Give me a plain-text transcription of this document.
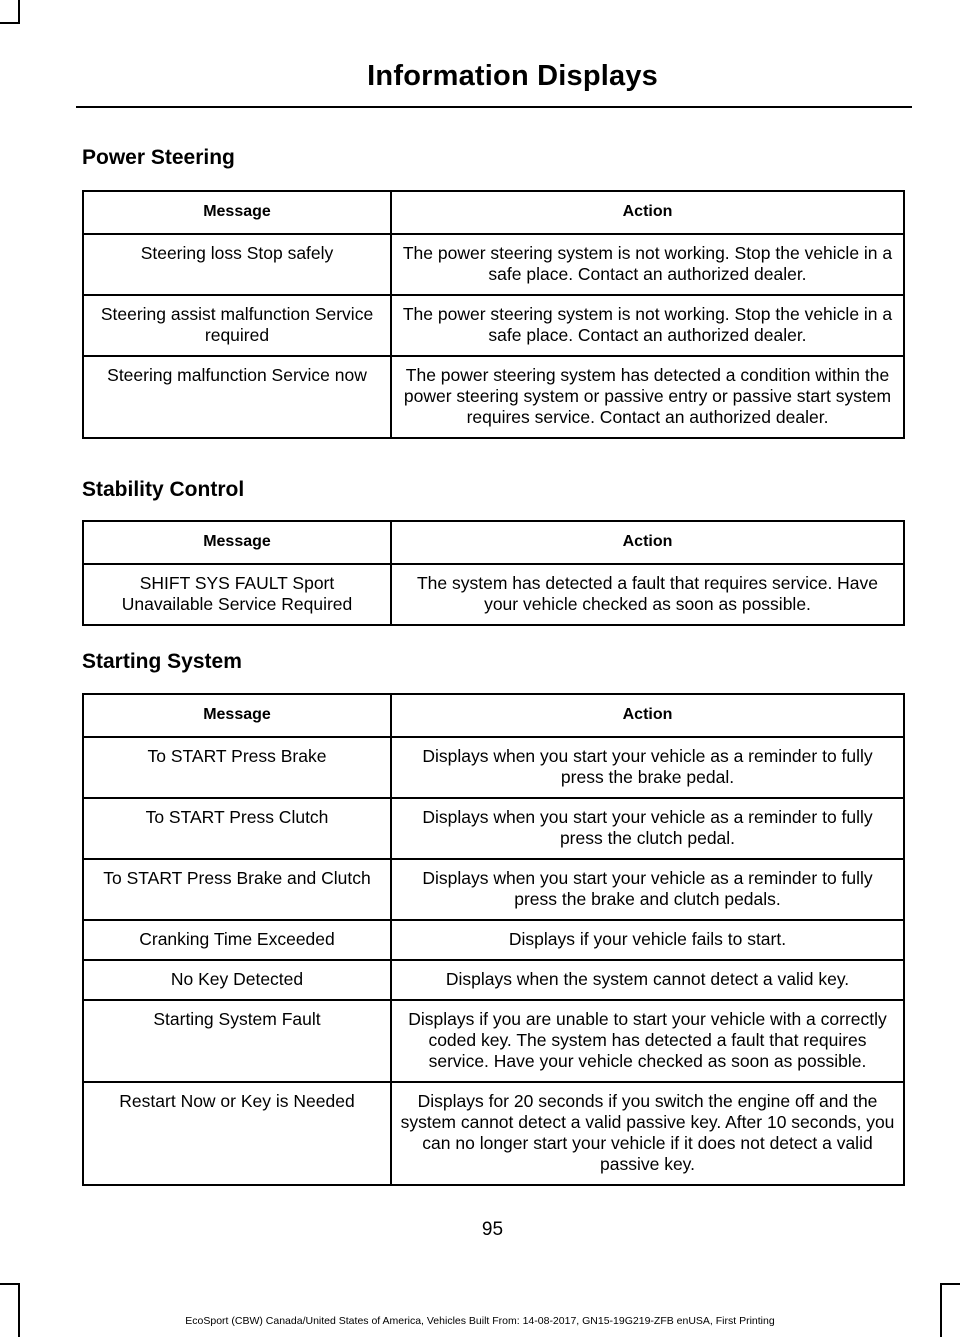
Information Displays
Power Steering
Message	Action
Steering loss Stop safely	The power steering system is not working. Stop the vehicle in a safe place. Contact an authorized dealer.
Steering assist malfunction Service required	The power steering system is not working. Stop the vehicle in a safe place. Contact an authorized dealer.
Steering malfunction Service now	The power steering system has detected a condition within the power steering system or passive entry or passive start system requires service. Contact an authorized dealer.
Stability Control
Message	Action
SHIFT SYS FAULT Sport Unavailable Service Required	The system has detected a fault that requires service. Have your vehicle checked as soon as possible.
Starting System
Message	Action
To START Press Brake	Displays when you start your vehicle as a reminder to fully press the brake pedal.
To START Press Clutch	Displays when you start your vehicle as a reminder to fully press the clutch pedal.
To START Press Brake and Clutch	Displays when you start your vehicle as a reminder to fully press the brake and clutch pedals.
Cranking Time Exceeded	Displays if your vehicle fails to start.
No Key Detected	Displays when the system cannot detect a valid key.
Starting System Fault	Displays if you are unable to start your vehicle with a correctly coded key. The system has detected a fault that requires service. Have your vehicle checked as soon as possible.
Restart Now or Key is Needed	Displays for 20 seconds if you switch the engine off and the system cannot detect a valid passive key. After 10 seconds, you can no longer start your vehicle if it does not detect a valid passive key.
95
EcoSport (CBW) Canada/United States of America, Vehicles Built From: 14-08-2017, GN15-19G219-ZFB enUSA, First Printing
